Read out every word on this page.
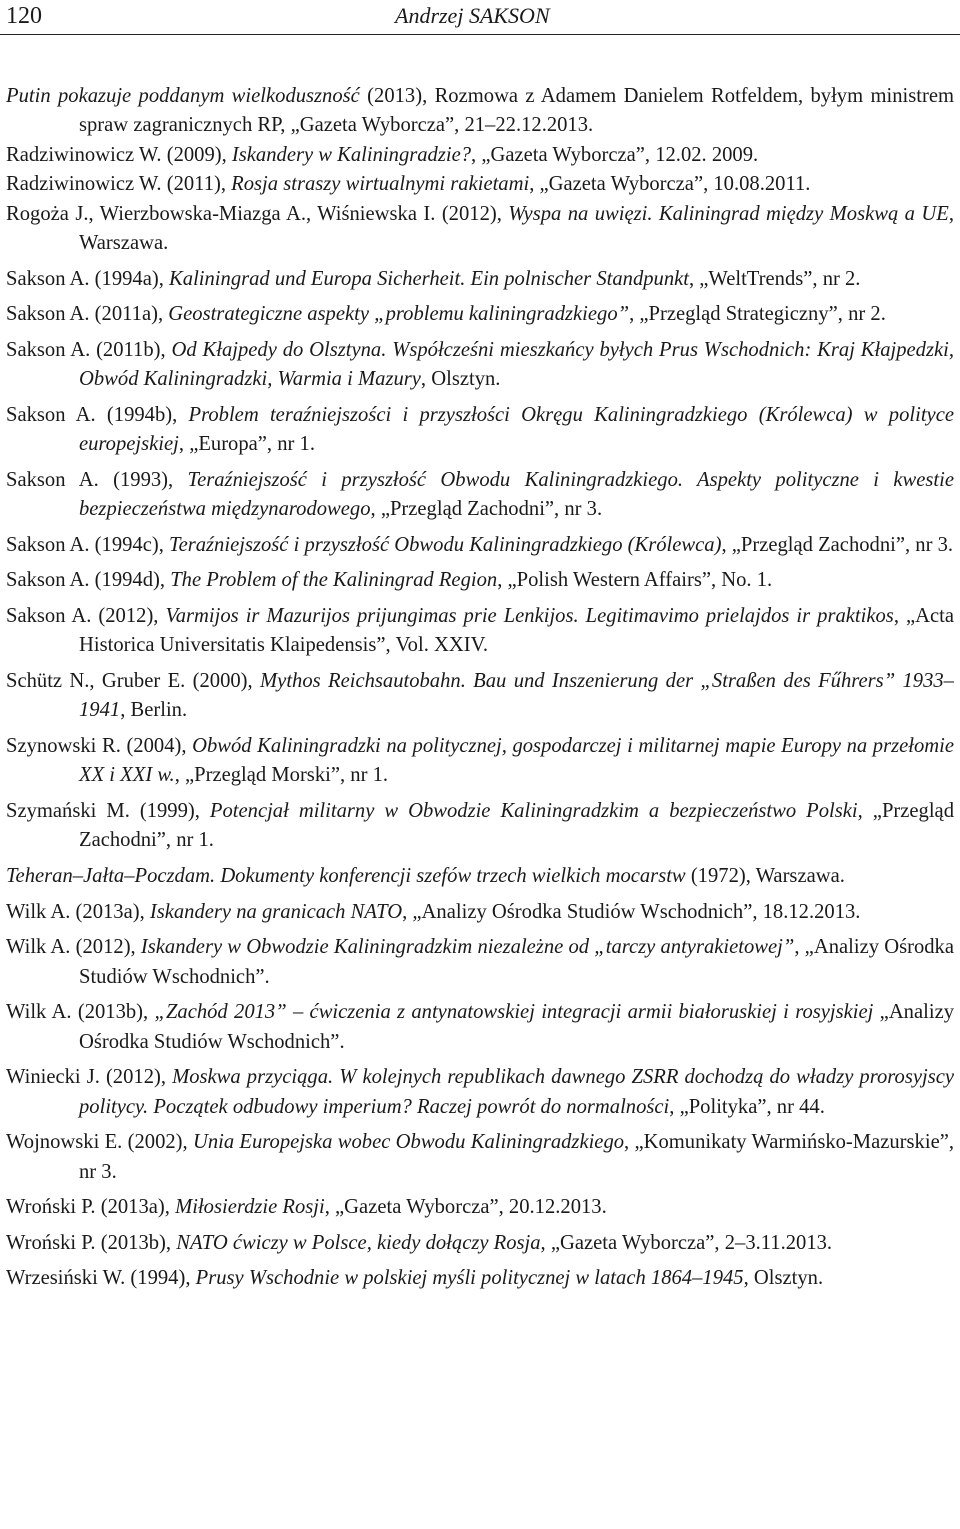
120	Andrzej SAKSON
Putin pokazuje poddanym wielkoduszność (2013), Rozmowa z Adamem Danielem Rotfeldem, byłym ministrem spraw zagranicznych RP, „Gazeta Wyborcza”, 21–22.12.2013.
Radziwinowicz W. (2009), Iskandery w Kaliningradzie?, „Gazeta Wyborcza”, 12.02. 2009.
Radziwinowicz W. (2011), Rosja straszy wirtualnymi rakietami, „Gazeta Wyborcza”, 10.08.2011.
Rogoża J., Wierzbowska-Miazga A., Wiśniewska I. (2012), Wyspa na uwięzi. Kaliningrad między Moskwą a UE, Warszawa.
Sakson A. (1994a), Kaliningrad und Europa Sicherheit. Ein polnischer Standpunkt, „WeltTrends”, nr 2.
Sakson A. (2011a), Geostrategiczne aspekty „problemu kaliningradzkiego”, „Przegląd Strategiczny”, nr 2.
Sakson A. (2011b), Od Kłajpedy do Olsztyna. Współcześni mieszkańcy byłych Prus Wschodnich: Kraj Kłajpedzki, Obwód Kaliningradzki, Warmia i Mazury, Olsztyn.
Sakson A. (1994b), Problem teraźniejszości i przyszłości Okręgu Kaliningradzkiego (Królewca) w polityce europejskiej, „Europa”, nr 1.
Sakson A. (1993), Teraźniejszość i przyszłość Obwodu Kaliningradzkiego. Aspekty polityczne i kwestie bezpieczeństwa międzynarodowego, „Przegląd Zachodni”, nr 3.
Sakson A. (1994c), Teraźniejszość i przyszłość Obwodu Kaliningradzkiego (Królewca), „Przegląd Zachodni”, nr 3.
Sakson A. (1994d), The Problem of the Kaliningrad Region, „Polish Western Affairs”, No. 1.
Sakson A. (2012), Varmijos ir Mazurijos prijungimas prie Lenkijos. Legitimavimo prielajdos ir praktikos, „Acta Historica Universitatis Klaipedensis”, Vol. XXIV.
Schütz N., Gruber E. (2000), Mythos Reichsautobahn. Bau und Inszenierung der „Straßen des Fűhrers” 1933–1941, Berlin.
Szynowski R. (2004), Obwód Kaliningradzki na politycznej, gospodarczej i militarnej mapie Europy na przełomie XX i XXI w., „Przegląd Morski”, nr 1.
Szymański M. (1999), Potencjał militarny w Obwodzie Kaliningradzkim a bezpieczeństwo Polski, „Przegląd Zachodni”, nr 1.
Teheran–Jałta–Poczdam. Dokumenty konferencji szefów trzech wielkich mocarstw (1972), Warszawa.
Wilk A. (2013a), Iskandery na granicach NATO, „Analizy Ośrodka Studiów Wschodnich”, 18.12.2013.
Wilk A. (2012), Iskandery w Obwodzie Kaliningradzkim niezależne od „tarczy antyrakietowej”, „Analizy Ośrodka Studiów Wschodnich”.
Wilk A. (2013b), „Zachód 2013” – ćwiczenia z antynatowskiej integracji armii białoruskiej i rosyjskiej „Analizy Ośrodka Studiów Wschodnich”.
Winiecki J. (2012), Moskwa przyciąga. W kolejnych republikach dawnego ZSRR dochodzą do władzy prorosyjscy politycy. Początek odbudowy imperium? Raczej powrót do normalności, „Polityka”, nr 44.
Wojnowski E. (2002), Unia Europejska wobec Obwodu Kaliningradzkiego, „Komunikaty Warmińsko-Mazurskie”, nr 3.
Wroński P. (2013a), Miłosierdzie Rosji, „Gazeta Wyborcza”, 20.12.2013.
Wroński P. (2013b), NATO ćwiczy w Polsce, kiedy dołączy Rosja, „Gazeta Wyborcza”, 2–3.11.2013.
Wrzesiński W. (1994), Prusy Wschodnie w polskiej myśli politycznej w latach 1864–1945, Olsztyn.
